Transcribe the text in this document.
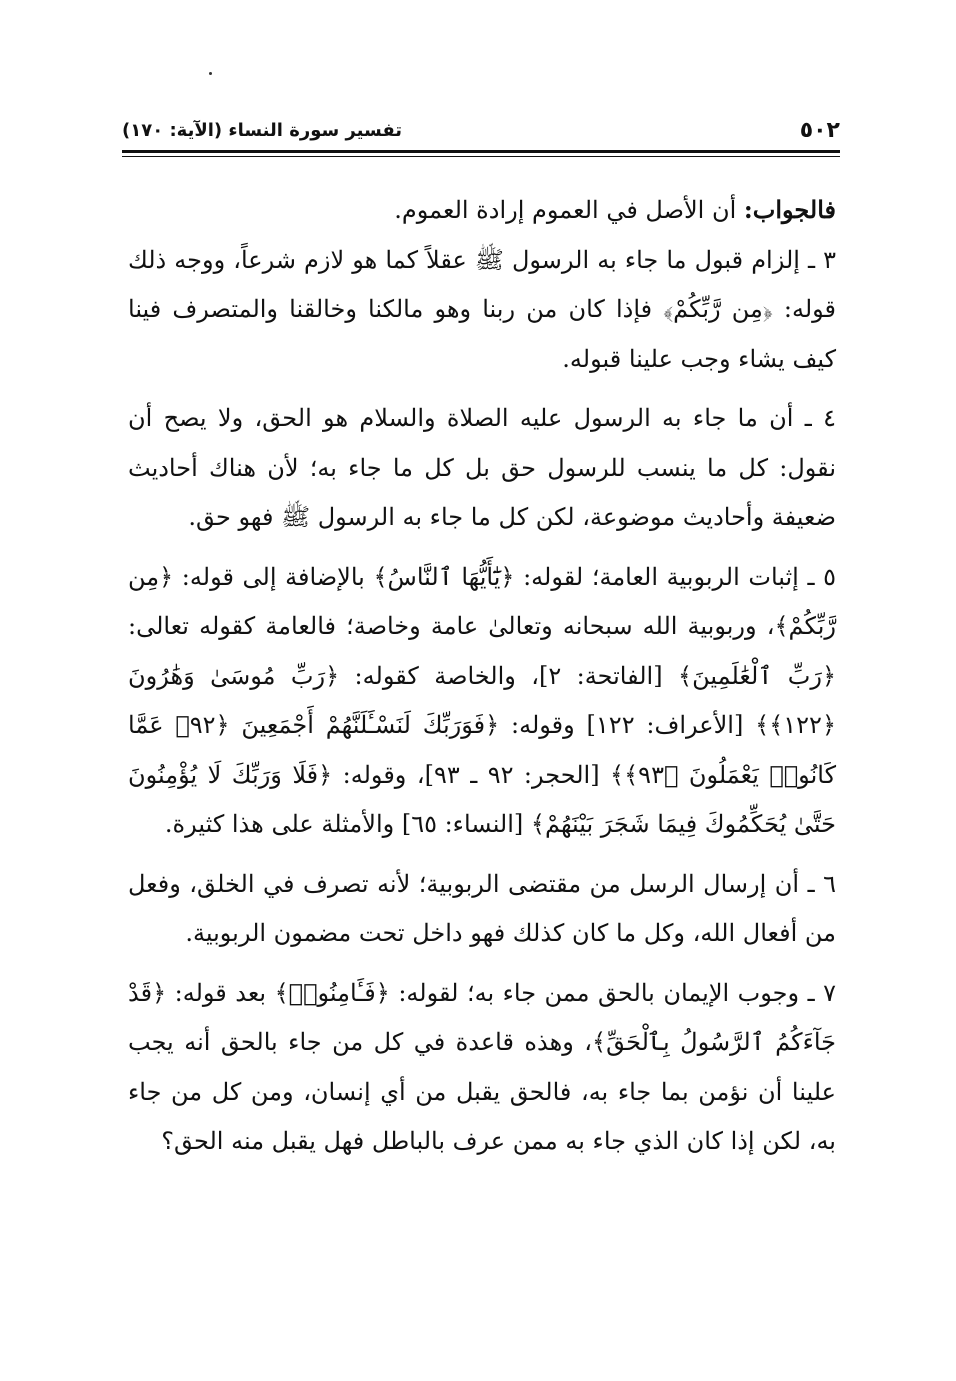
٥٠٢
تفسير سورة النساء (الآية: ١٧٠)

فالجواب: أن الأصل في العموم إرادة العموم.

٣ ـ إلزام قبول ما جاء به الرسول ﷺ عقلاً كما هو لازم شرعاً، ووجه ذلك قوله: ﴿مِن رَّبِّكُمْ﴾ فإذا كان من ربنا وهو مالكنا وخالقنا والمتصرف فينا كيف يشاء وجب علينا قبوله.

٤ ـ أن ما جاء به الرسول عليه الصلاة والسلام هو الحق، ولا يصح أن نقول: كل ما ينسب للرسول حق بل كل ما جاء به؛ لأن هناك أحاديث ضعيفة وأحاديث موضوعة، لكن كل ما جاء به الرسول ﷺ فهو حق.

٥ ـ إثبات الربوبية العامة؛ لقوله: ﴿يَٰٓأَيُّهَا ٱلنَّاسُ﴾ بالإضافة إلى قوله: ﴿مِن رَّبِّكُمْ﴾، وربوبية الله سبحانه وتعالىٰ عامة وخاصة؛ فالعامة كقوله تعالى: ﴿رَبِّ ٱلْعَٰلَمِينَ﴾ [الفاتحة: ٢]، والخاصة كقوله: ﴿رَبِّ مُوسَىٰ وَهَٰرُونَ ﴿١٢٢﴾﴾ [الأعراف: ١٢٢] وقوله: ﴿فَوَرَبِّكَ لَنَسْـَٔلَنَّهُمْ أَجْمَعِينَ ﴿٩٢﴾ عَمَّا كَانُوا۟ يَعْمَلُونَ ﴿٩٣﴾﴾ [الحجر: ٩٢ ـ ٩٣]، وقوله: ﴿فَلَا وَرَبِّكَ لَا يُؤْمِنُونَ حَتَّىٰ يُحَكِّمُوكَ فِيمَا شَجَرَ بَيْنَهُمْ﴾ [النساء: ٦٥] والأمثلة على هذا كثيرة.

٦ ـ أن إرسال الرسل من مقتضى الربوبية؛ لأنه تصرف في الخلق، وفعل من أفعال الله، وكل ما كان كذلك فهو داخل تحت مضمون الربوبية.

٧ ـ وجوب الإيمان بالحق ممن جاء به؛ لقوله: ﴿فَـَٔامِنُوا۟﴾ بعد قوله: ﴿قَدْ جَآءَكُمُ ٱلرَّسُولُ بِٱلْحَقِّ﴾، وهذه قاعدة في كل من جاء بالحق أنه يجب علينا أن نؤمن بما جاء به، فالحق يقبل من أي إنسان، ومن كل من جاء به، لكن إذا كان الذي جاء به ممن عرف بالباطل فهل يقبل منه الحق؟
